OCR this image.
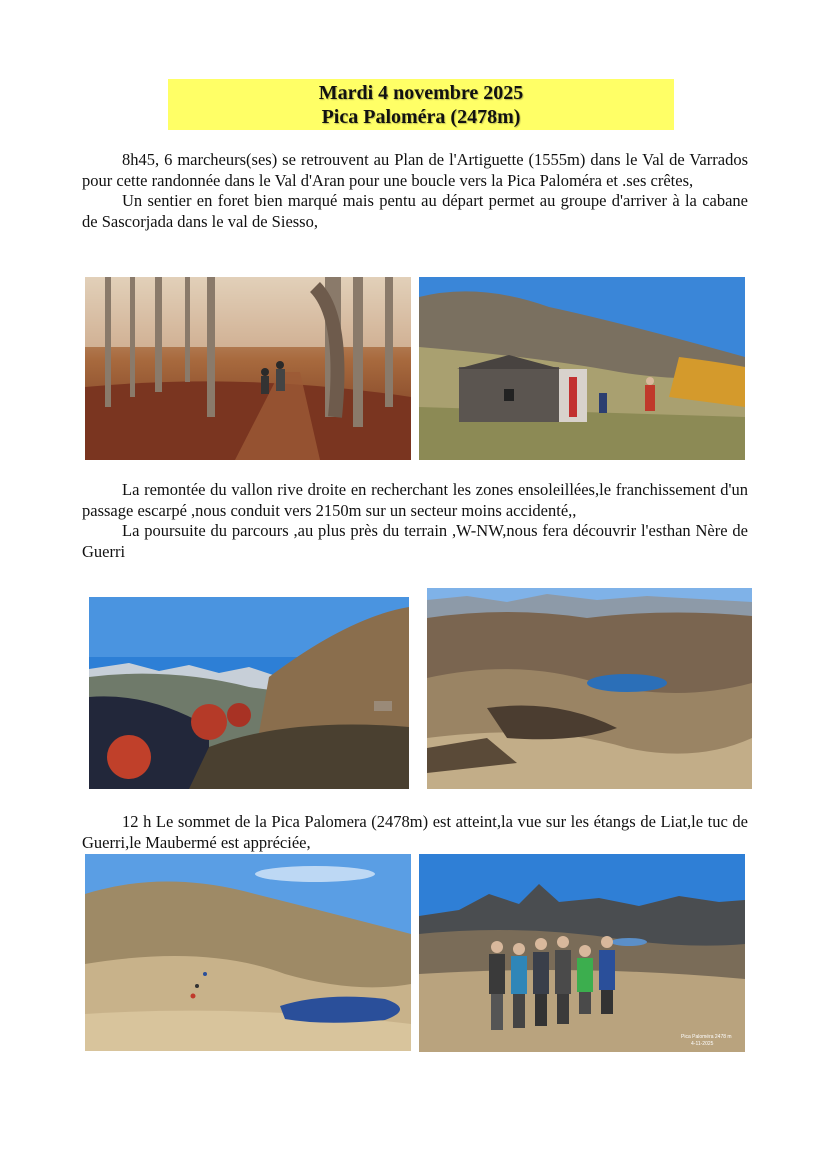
Mardi 4 novembre 2025
Pica Paloméra (2478m)

8h45, 6 marcheurs(ses) se retrouvent au Plan de l'Artiguette (1555m) dans le Val de Varrados pour cette randonnée dans le Val d'Aran pour une boucle vers la Pica Paloméra et .ses crêtes,

Un sentier en foret bien marqué mais pentu au départ permet au groupe d'arriver à la cabane de Sascorjada dans le val de Siesso,

La remontée du vallon rive droite en recherchant les zones ensoleillées,le franchissement d'un passage escarpé ,nous conduit vers 2150m sur un secteur moins accidenté,,

La poursuite du parcours ,au plus près du terrain ,W-NW,nous fera découvrir l'esthan Nère de Guerri

12 h Le sommet de la Pica Palomera (2478m) est atteint,la vue sur les étangs de Liat,le tuc de Guerri,le Maubermé est appréciée,

Pica Paloméra 2478 m
4-11-2025
